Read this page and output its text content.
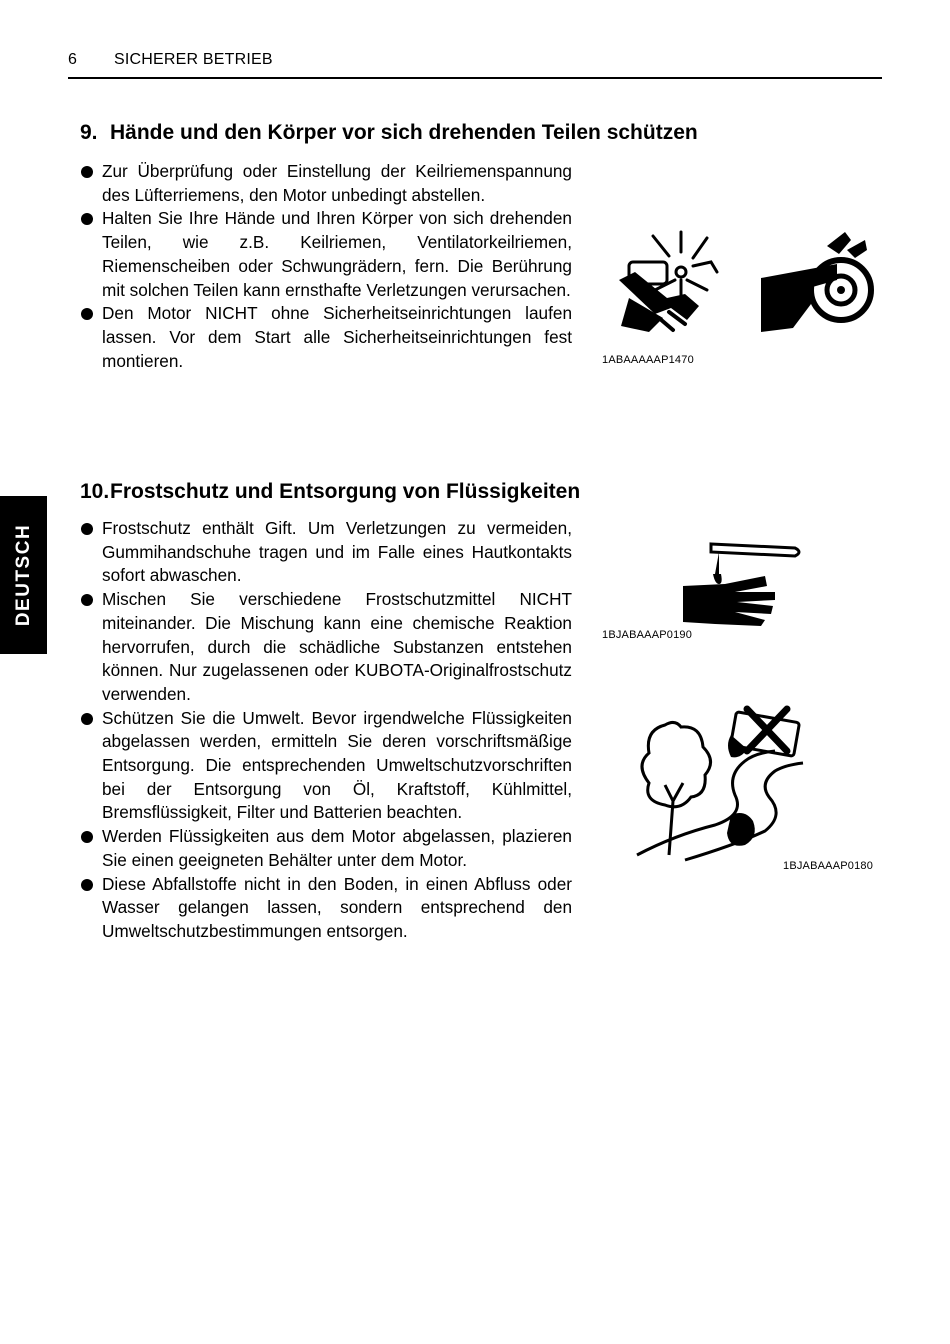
6 SICHERER BETRIEB
DEUTSCH
9. Hände und den Körper vor sich drehenden Teilen schützen
Zur Überprüfung oder Einstellung der Keilriemenspannung des Lüfterriemens, den Motor unbedingt abstellen.
Halten Sie Ihre Hände und Ihren Körper von sich drehenden Teilen, wie z.B. Keilriemen, Ventilatorkeilriemen, Riemenscheiben oder Schwungrädern, fern. Die Berührung mit solchen Teilen kann ernsthafte Verletzungen verursachen.
Den Motor NICHT ohne Sicherheitseinrichtungen laufen lassen. Vor dem Start alle Sicherheitseinrichtungen fest montieren.	1ABAAAAAP1470
10.Frostschutz und Entsorgung von Flüssigkeiten
Frostschutz enthält Gift. Um Verletzungen zu vermeiden, Gummihandschuhe tragen und im Falle eines Hautkontakts sofort abwaschen.
Mischen Sie verschiedene Frostschutzmittel NICHT miteinander. Die Mischung kann eine chemische Reaktion hervorrufen, durch die schädliche Substanzen entstehen können. Nur zugelassenen oder KUBOTA-Originalfrostschutz verwenden.
Schützen Sie die Umwelt. Bevor irgendwelche Flüssigkeiten abgelassen werden, ermitteln Sie deren vorschriftsmäßige Entsorgung. Die entsprechenden Umweltschutzvorschriften bei der Entsorgung von Öl, Kraftstoff, Kühlmittel, Bremsflüssigkeit, Filter und Batterien beachten.
Werden Flüssigkeiten aus dem Motor abgelassen, plazieren Sie einen geeigneten Behälter unter dem Motor.
Diese Abfallstoffe nicht in den Boden, in einen Abfluss oder Wasser gelangen lassen, sondern entsprechend den Umweltschutzbestimmungen entsorgen.
1BJABAAAP0190
1BJABAAAP0180
